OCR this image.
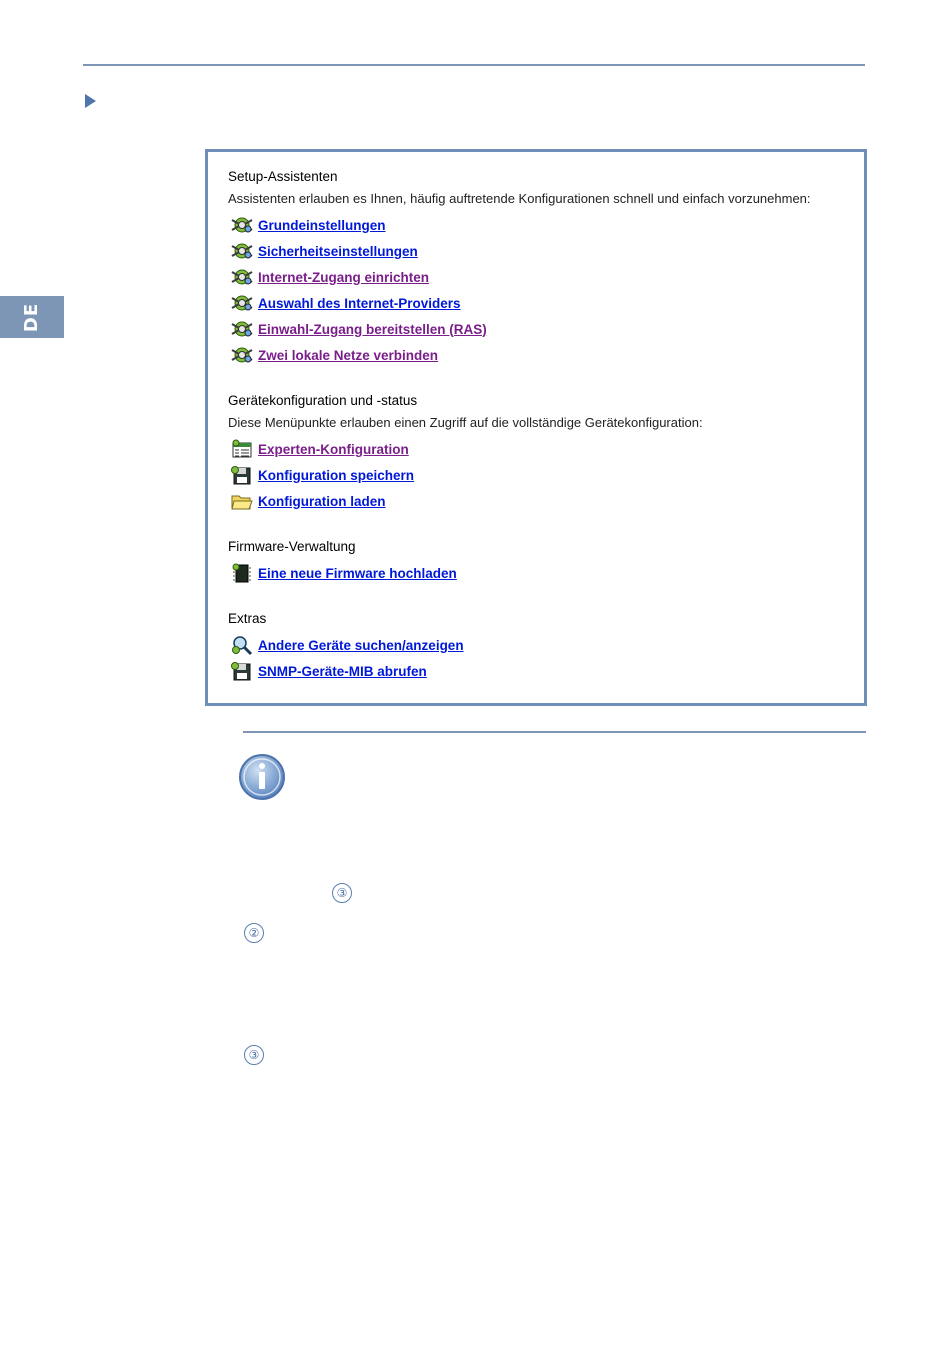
DE
Setup-Assistenten
Assistenten erlauben es Ihnen, häufig auftretende Konfigurationen schnell und einfach vorzunehmen:
Grundeinstellungen
Sicherheitseinstellungen
Internet-Zugang einrichten
Auswahl des Internet-Providers
Einwahl-Zugang bereitstellen (RAS)
Zwei lokale Netze verbinden
Gerätekonfiguration und -status
Diese Menüpunkte erlauben einen Zugriff auf die vollständige Gerätekonfiguration:
Experten-Konfiguration
Konfiguration speichern
Konfiguration laden
Firmware-Verwaltung
Eine neue Firmware hochladen
Extras
Andere Geräte suchen/anzeigen
SNMP-Geräte-MIB abrufen
③
②
③
